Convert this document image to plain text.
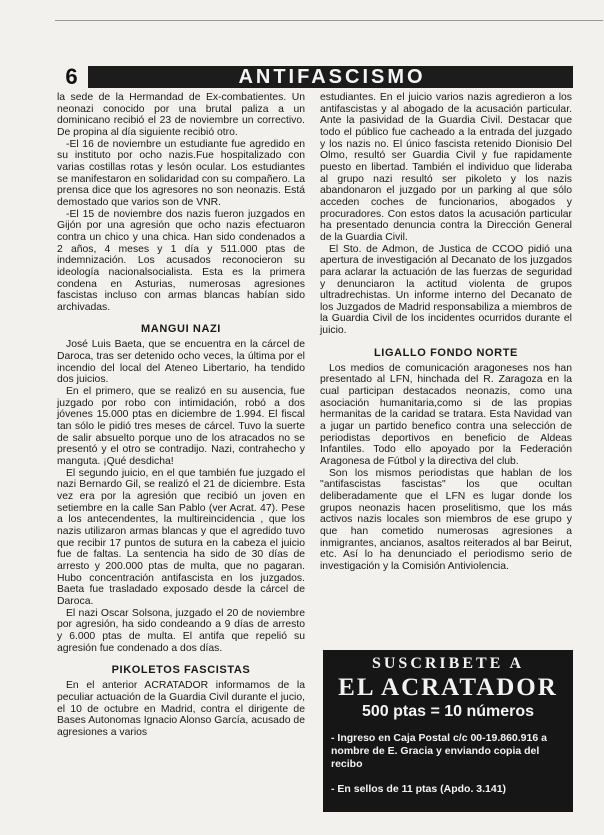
6	ANTIFASCISMO

la sede de la Hermandad de Ex-combatientes. Un neonazi conocido por una brutal paliza a un dominicano recibió el 23 de noviembre un correctivo. De propina al día siguiente recibió otro.

-El 16 de noviembre un estudiante fue agredido en su instituto por ocho nazis.Fue hospitalizado con varias costillas rotas y lesón ocular. Los estudiantes se manifestaron en solidaridad con su compañero. La prensa dice que los agresores no son neonazis. Está demostado que varios son de VNR.

-El 15 de noviembre dos nazis fueron juzgados en Gijón por una agresión que ocho nazis efectuaron contra un chico y una chica. Han sido condenados a 2 años, 4 meses y 1 día y 511.000 ptas de indemnización. Los acusados reconocieron su ideología nacionalsocialista. Esta es la primera condena en Asturias, numerosas agresiones fascistas incluso con armas blancas habían sido archivadas.

MANGUI NAZI

José Luis Baeta, que se encuentra en la cárcel de Daroca, tras ser detenido ocho veces, la última por el incendio del local del Ateneo Libertario, ha tendido dos juicios.

En el primero, que se realizó en su ausencia, fue juzgado por robo con intimidación, robó a dos jóvenes 15.000 ptas en diciembre de 1.994. El fiscal tan sólo le pidió tres meses de cárcel. Tuvo la suerte de salir absuelto porque uno de los atracados no se presentó y el otro se contradijo. Nazi, contrahecho y manguta. ¡Qué desdicha!

El segundo juicio, en el que también fue juzgado el nazi Bernardo Gil, se realizó el 21 de diciembre. Esta vez era por la agresión que recibió un joven en setiembre en la calle San Pablo (ver Acrat. 47). Pese a los antecendentes, la multireincidencia , que los nazis utilizaron armas blancas y que el agredido tuvo que recibir 17 puntos de sutura en la cabeza el juicio fue de faltas. La sentencia ha sido de 30 días de arresto y 200.000 ptas de multa, que no pagaran. Hubo concentración antifascista en los juzgados. Baeta fue trasladado exposado desde la cárcel de Daroca.

El nazi Oscar Solsona, juzgado el 20 de noviembre por agresión, ha sido condeando a 9 días de arresto y 6.000 ptas de multa. El antifa que repelió su agresión fue condenado a dos días.

PIKOLETOS FASCISTAS

En el anterior ACRATADOR informamos de la peculiar actuación de la Guardia Civil durante el jucio, el 10 de octubre en Madrid, contra el dirigente de Bases Autonomas Ignacio Alonso García, acusado de agresiones a varios

estudiantes. En el juicio varios nazis agredieron a los antifascistas y al abogado de la acusación particular. Ante la pasividad de la Guardia Civil. Destacar que todo el público fue cacheado a la entrada del juzgado y los nazis no. El único fascista retenido Dionisio Del Olmo, resultó ser Guardia Civil y fue rapidamente puesto en libertad. También el individuo que lideraba al grupo nazi resultó ser pikoleto y los nazis abandonaron el juzgado por un parking al que sólo acceden coches de funcionarios, abogados y procuradores. Con estos datos la acusación particular ha presentado denuncia contra la Dirección General de la Guardia Civil.

El Sto. de Admon, de Justica de CCOO pidió una apertura de investigación al Decanato de los juzgados para aclarar la actuación de las fuerzas de seguridad y denunciaron la actitud violenta de grupos ultradrechistas. Un informe interno del Decanato de los Juzgados de Madrid responsabiliza a miembros de la Guardia Civil de los incidentes ocurridos durante el juicio.

LIGALLO FONDO NORTE

Los medios de comunicación aragoneses nos han presentado al LFN, hinchada del R. Zaragoza en la cual participan destacados neonazis, como una asociación humanitaria,como si de las propias hermanitas de la caridad se tratara. Esta Navidad van a jugar un partido benefico contra una selección de periodistas deportivos en beneficio de Aldeas Infantiles. Todo ello apoyado por la Federación Aragonesa de Fútbol y la directiva del club.

Son los mismos periodistas que hablan de los "antifascistas fascistas" los que ocultan deliberadamente que el LFN es lugar donde los grupos neonazis hacen proselitismo, que los más activos nazis locales son miembros de ese grupo y que han cometido numerosas agresiones a inmigrantes, ancianos, asaltos reiterados al bar Beirut, etc. Así lo ha denunciado el periodismo serio de investigación y la Comisión Antiviolencia.

SUSCRIBETE A
EL ACRATADOR
500 ptas = 10 números
- Ingreso en Caja Postal c/c 00-19.860.916 a nombre de E. Gracia y enviando copia del recibo
- En sellos de 11 ptas (Apdo. 3.141)
